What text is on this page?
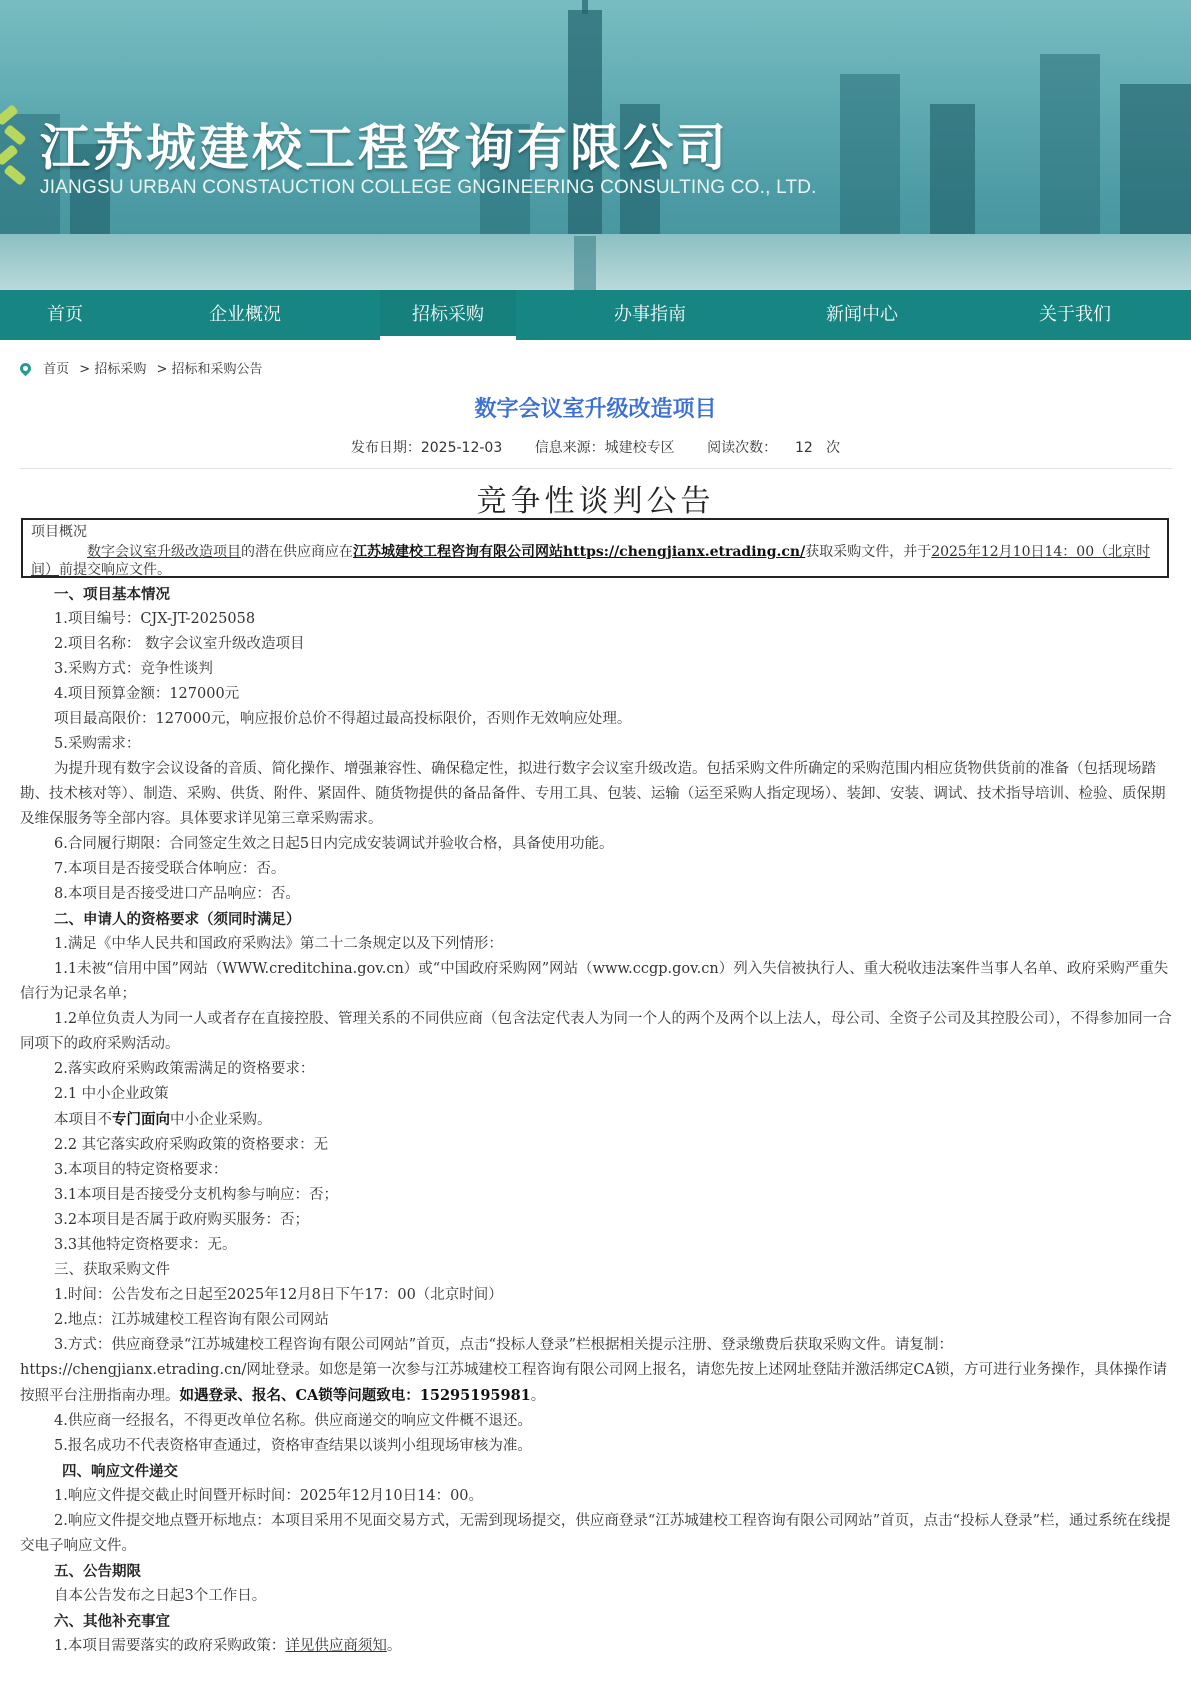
江苏城建校工程咨询有限公司
JIANGSU URBAN CONSTAUCTION COLLEGE GNGINEERING CONSULTING CO., LTD.
首页	企业概况	招标采购	办事指南	新闻中心	关于我们
首页 > 招标采购 > 招标和采购公告
数字会议室升级改造项目
发布日期：2025-12-03 信息来源：城建校专区 阅读次数： 12 次
竞争性谈判公告
项目概况
数字会议室升级改造项目的潜在供应商应在江苏城建校工程咨询有限公司网站https://chengjianx.etrading.cn/获取采购文件，并于2025年12月10日14：00（北京时间）前提交响应文件。
一、项目基本情况
1.项目编号：CJX-JT-2025058
2.项目名称： 数字会议室升级改造项目
3.采购方式：竞争性谈判
4.项目预算金额：127000元
项目最高限价：127000元，响应报价总价不得超过最高投标限价，否则作无效响应处理。
5.采购需求：
为提升现有数字会议设备的音质、简化操作、增强兼容性、确保稳定性，拟进行数字会议室升级改造。包括采购文件所确定的采购范围内相应货物供货前的准备（包括现场踏勘、技术核对等）、制造、采购、供货、附件、紧固件、随货物提供的备品备件、专用工具、包装、运输（运至采购人指定现场）、装卸、安装、调试、技术指导培训、检验、质保期及维保服务等全部内容。具体要求详见第三章采购需求。
6.合同履行期限：合同签定生效之日起5日内完成安装调试并验收合格，具备使用功能。
7.本项目是否接受联合体响应：否。
8.本项目是否接受进口产品响应：否。
二、申请人的资格要求（须同时满足）
1.满足《中华人民共和国政府采购法》第二十二条规定以及下列情形：
1.1未被“信用中国”网站（WWW.creditchina.gov.cn）或“中国政府采购网”网站（www.ccgp.gov.cn）列入失信被执行人、重大税收违法案件当事人名单、政府采购严重失信行为记录名单；
1.2单位负责人为同一人或者存在直接控股、管理关系的不同供应商（包含法定代表人为同一个人的两个及两个以上法人，母公司、全资子公司及其控股公司），不得参加同一合同项下的政府采购活动。
2.落实政府采购政策需满足的资格要求：
2.1 中小企业政策
本项目不专门面向中小企业采购。
2.2 其它落实政府采购政策的资格要求：无
3.本项目的特定资格要求：
3.1本项目是否接受分支机构参与响应：否；
3.2本项目是否属于政府购买服务：否；
3.3其他特定资格要求：无。
三、获取采购文件
1.时间：公告发布之日起至2025年12月8日下午17：00（北京时间）
2.地点：江苏城建校工程咨询有限公司网站
3.方式：供应商登录“江苏城建校工程咨询有限公司网站”首页，点击“投标人登录”栏根据相关提示注册、登录缴费后获取采购文件。请复制：https://chengjianx.etrading.cn/网址登录。如您是第一次参与江苏城建校工程咨询有限公司网上报名，请您先按上述网址登陆并激活绑定CA锁，方可进行业务操作，具体操作请按照平台注册指南办理。如遇登录、报名、CA锁等问题致电：15295195981。
4.供应商一经报名，不得更改单位名称。供应商递交的响应文件概不退还。
5.报名成功不代表资格审查通过，资格审查结果以谈判小组现场审核为准。
四、响应文件递交
1.响应文件提交截止时间暨开标时间：2025年12月10日14：00。
2.响应文件提交地点暨开标地点：本项目采用不见面交易方式，无需到现场提交，供应商登录“江苏城建校工程咨询有限公司网站”首页，点击“投标人登录”栏，通过系统在线提交电子响应文件。
五、公告期限
自本公告发布之日起3个工作日。
六、其他补充事宜
1.本项目需要落实的政府采购政策：详见供应商须知。
